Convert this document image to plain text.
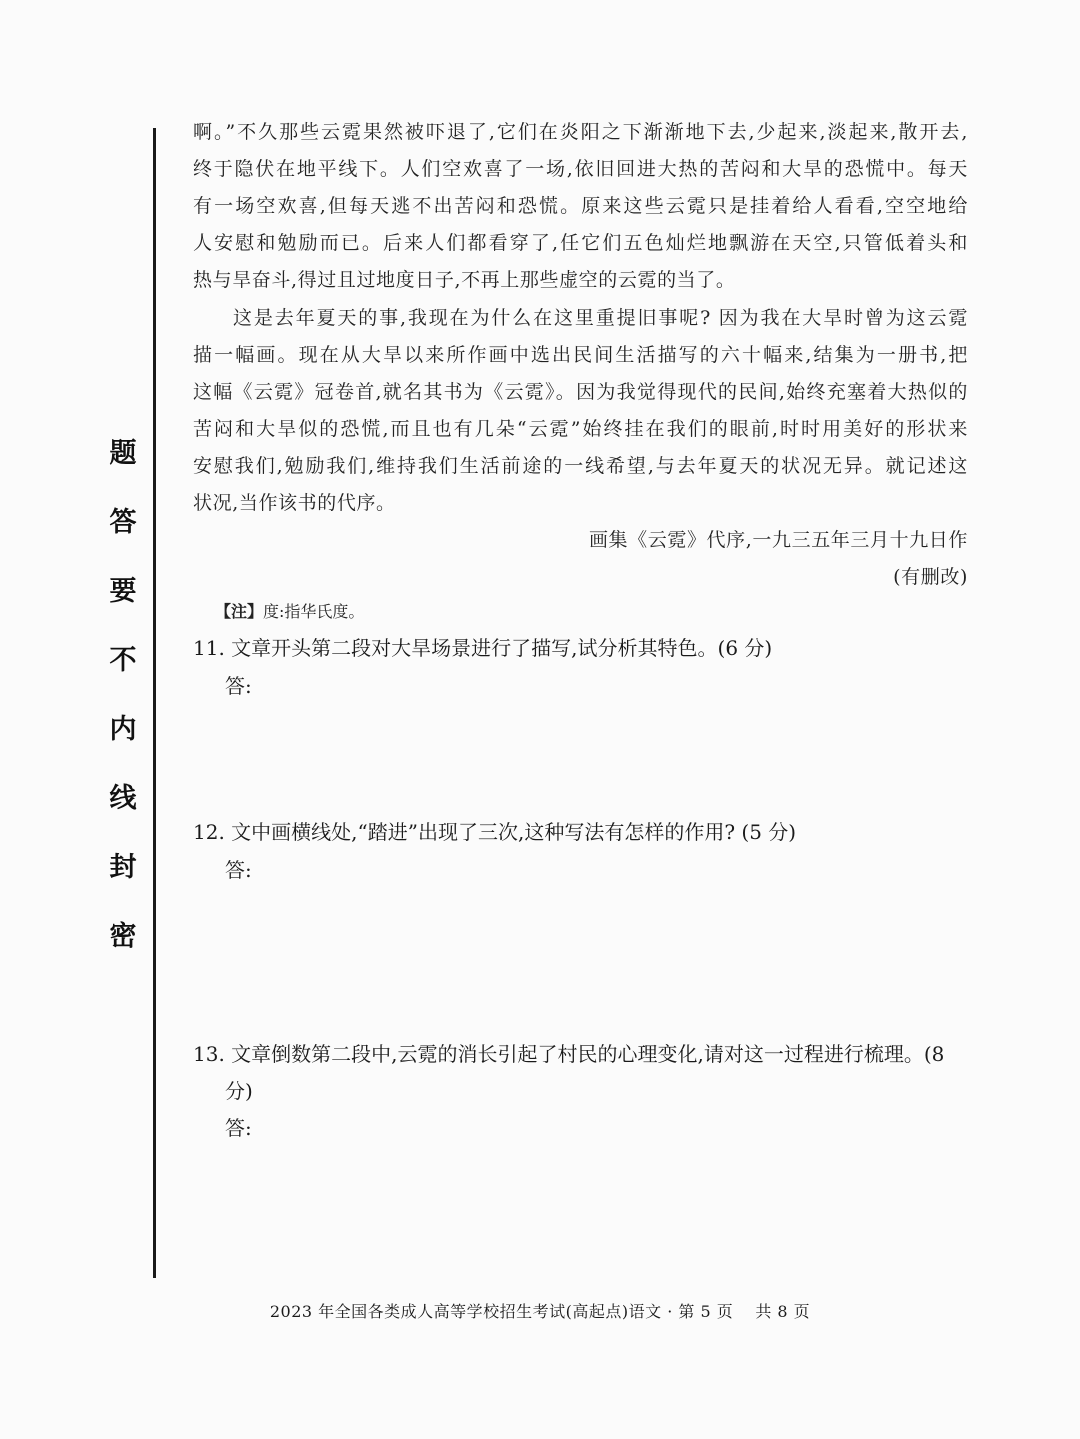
题
答
要
不
内
线
封
密
啊。”不久那些云霓果然被吓退了,它们在炎阳之下渐渐地下去,少起来,淡起来,散开去,
终于隐伏在地平线下。人们空欢喜了一场,依旧回进大热的苦闷和大旱的恐慌中。每天
有一场空欢喜,但每天逃不出苦闷和恐慌。原来这些云霓只是挂着给人看看,空空地给
人安慰和勉励而已。后来人们都看穿了,任它们五色灿烂地飘游在天空,只管低着头和
热与旱奋斗,得过且过地度日子,不再上那些虚空的云霓的当了。
这是去年夏天的事,我现在为什么在这里重提旧事呢? 因为我在大旱时曾为这云霓
描一幅画。现在从大旱以来所作画中选出民间生活描写的六十幅来,结集为一册书,把
这幅《云霓》冠卷首,就名其书为《云霓》。因为我觉得现代的民间,始终充塞着大热似的
苦闷和大旱似的恐慌,而且也有几朵“云霓”始终挂在我们的眼前,时时用美好的形状来
安慰我们,勉励我们,维持我们生活前途的一线希望,与去年夏天的状况无异。就记述这
状况,当作该书的代序。
画集《云霓》代序,一九三五年三月十九日作
(有删改)
【注】度:指华氏度。
11. 文章开头第二段对大旱场景进行了描写,试分析其特色。(6 分)
答:
12. 文中画横线处,“踏进”出现了三次,这种写法有怎样的作用? (5 分)
答:
13. 文章倒数第二段中,云霓的消长引起了村民的心理变化,请对这一过程进行梳理。(8
分)
答:
2023 年全国各类成人高等学校招生考试(高起点)语文 · 第 5 页　 共 8 页
